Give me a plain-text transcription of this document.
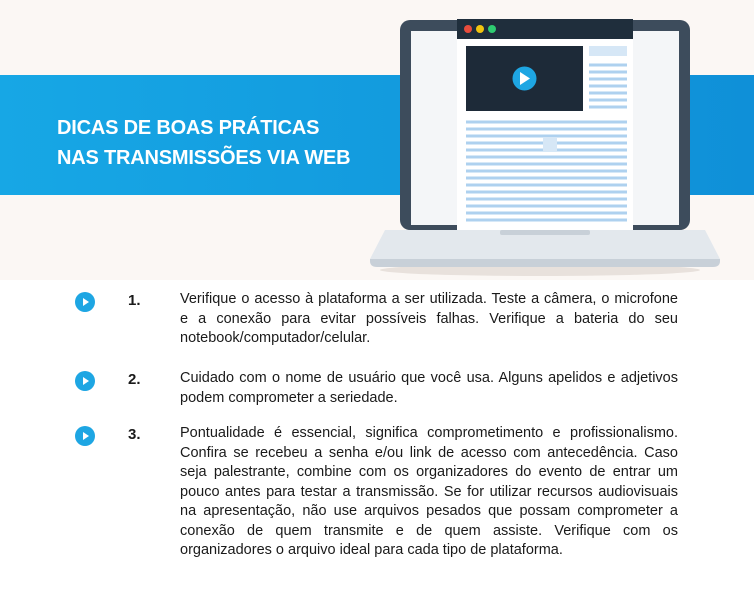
DICAS DE BOAS PRÁTICAS
NAS TRANSMISSÕES VIA WEB
1.	Verifique o acesso à plataforma a ser utilizada. Teste a câmera, o microfone e a conexão para evitar possíveis falhas. Verifique a bateria do seu notebook/computador/celular.

2.	Cuidado com o nome de usuário que você usa. Alguns apelidos e adjetivos podem comprometer a seriedade.

3.	Pontualidade é essencial, significa comprometimento e profissionalismo. Confira se recebeu a senha e/ou link de acesso com antecedência. Caso seja palestrante, combine com os organizadores do evento de entrar um pouco antes para testar a transmissão. Se for utilizar recursos audiovisuais na apresentação, não use arquivos pesados que possam comprometer a conexão de quem transmite e de quem assiste. Verifique com os organizadores o arquivo ideal para cada tipo de plataforma.
